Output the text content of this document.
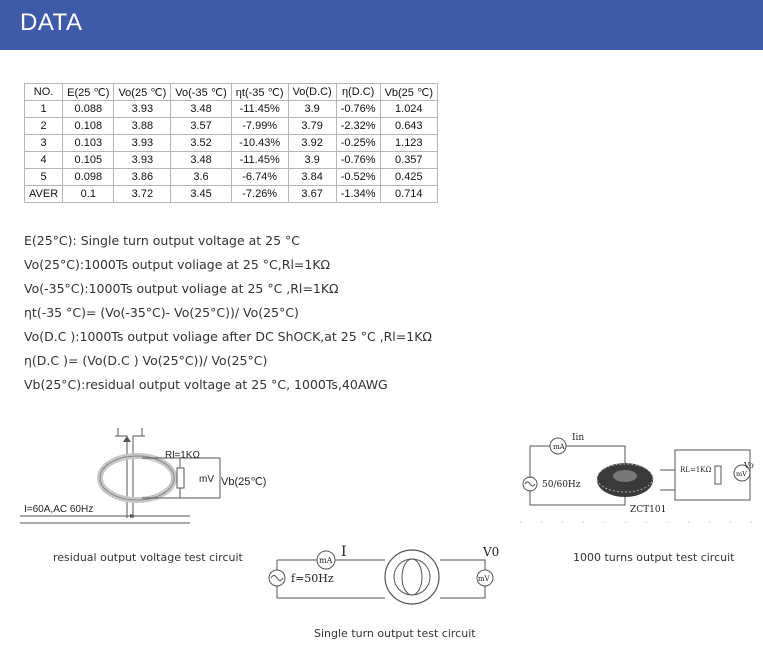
DATA
NO.	E(25 ℃)	Vo(25 ℃)	Vo(-35 ℃)	ηt(-35 ℃)	Vo(D.C)	η(D.C)	Vb(25 ℃)
1	0.088	3.93	3.48	-11.45%	3.9	-0.76%	1.024
2	0.108	3.88	3.57	-7.99%	3.79	-2.32%	0.643
3	0.103	3.93	3.52	-10.43%	3.92	-0.25%	1.123
4	0.105	3.93	3.48	-11.45%	3.9	-0.76%	0.357
5	0.098	3.86	3.6	-6.74%	3.84	-0.52%	0.425
AVER	0.1	3.72	3.45	-7.26%	3.67	-1.34%	0.714
E(25°C): Single turn output voltage at 25 °C
Vo(25°C):1000Ts output voliage at 25 °C,Rl=1KΩ
Vo(-35°C):1000Ts output voliage at 25 °C ,Rl=1KΩ
ηt(-35 °C)= (Vo(-35°C)- Vo(25°C))/ Vo(25°C)
Vo(D.C ):1000Ts output voliage after DC ShOCK,at 25 °C ,Rl=1KΩ
η(D.C )= (Vo(D.C ) Vo(25°C))/ Vo(25°C)
Vb(25°C):residual output voltage at 25 °C, 1000Ts,40AWG
Rl=1KΩ
mV Vb(25℃)
I=60A,AC 60Hz
residual output voltage test circuit
mA
Iin
50/60Hz
RL=1KΩ	Vo
mV
ZCT101
1000 turns output test circuit
mA
I	V0
f=50Hz	mV
Single turn output test circuit
